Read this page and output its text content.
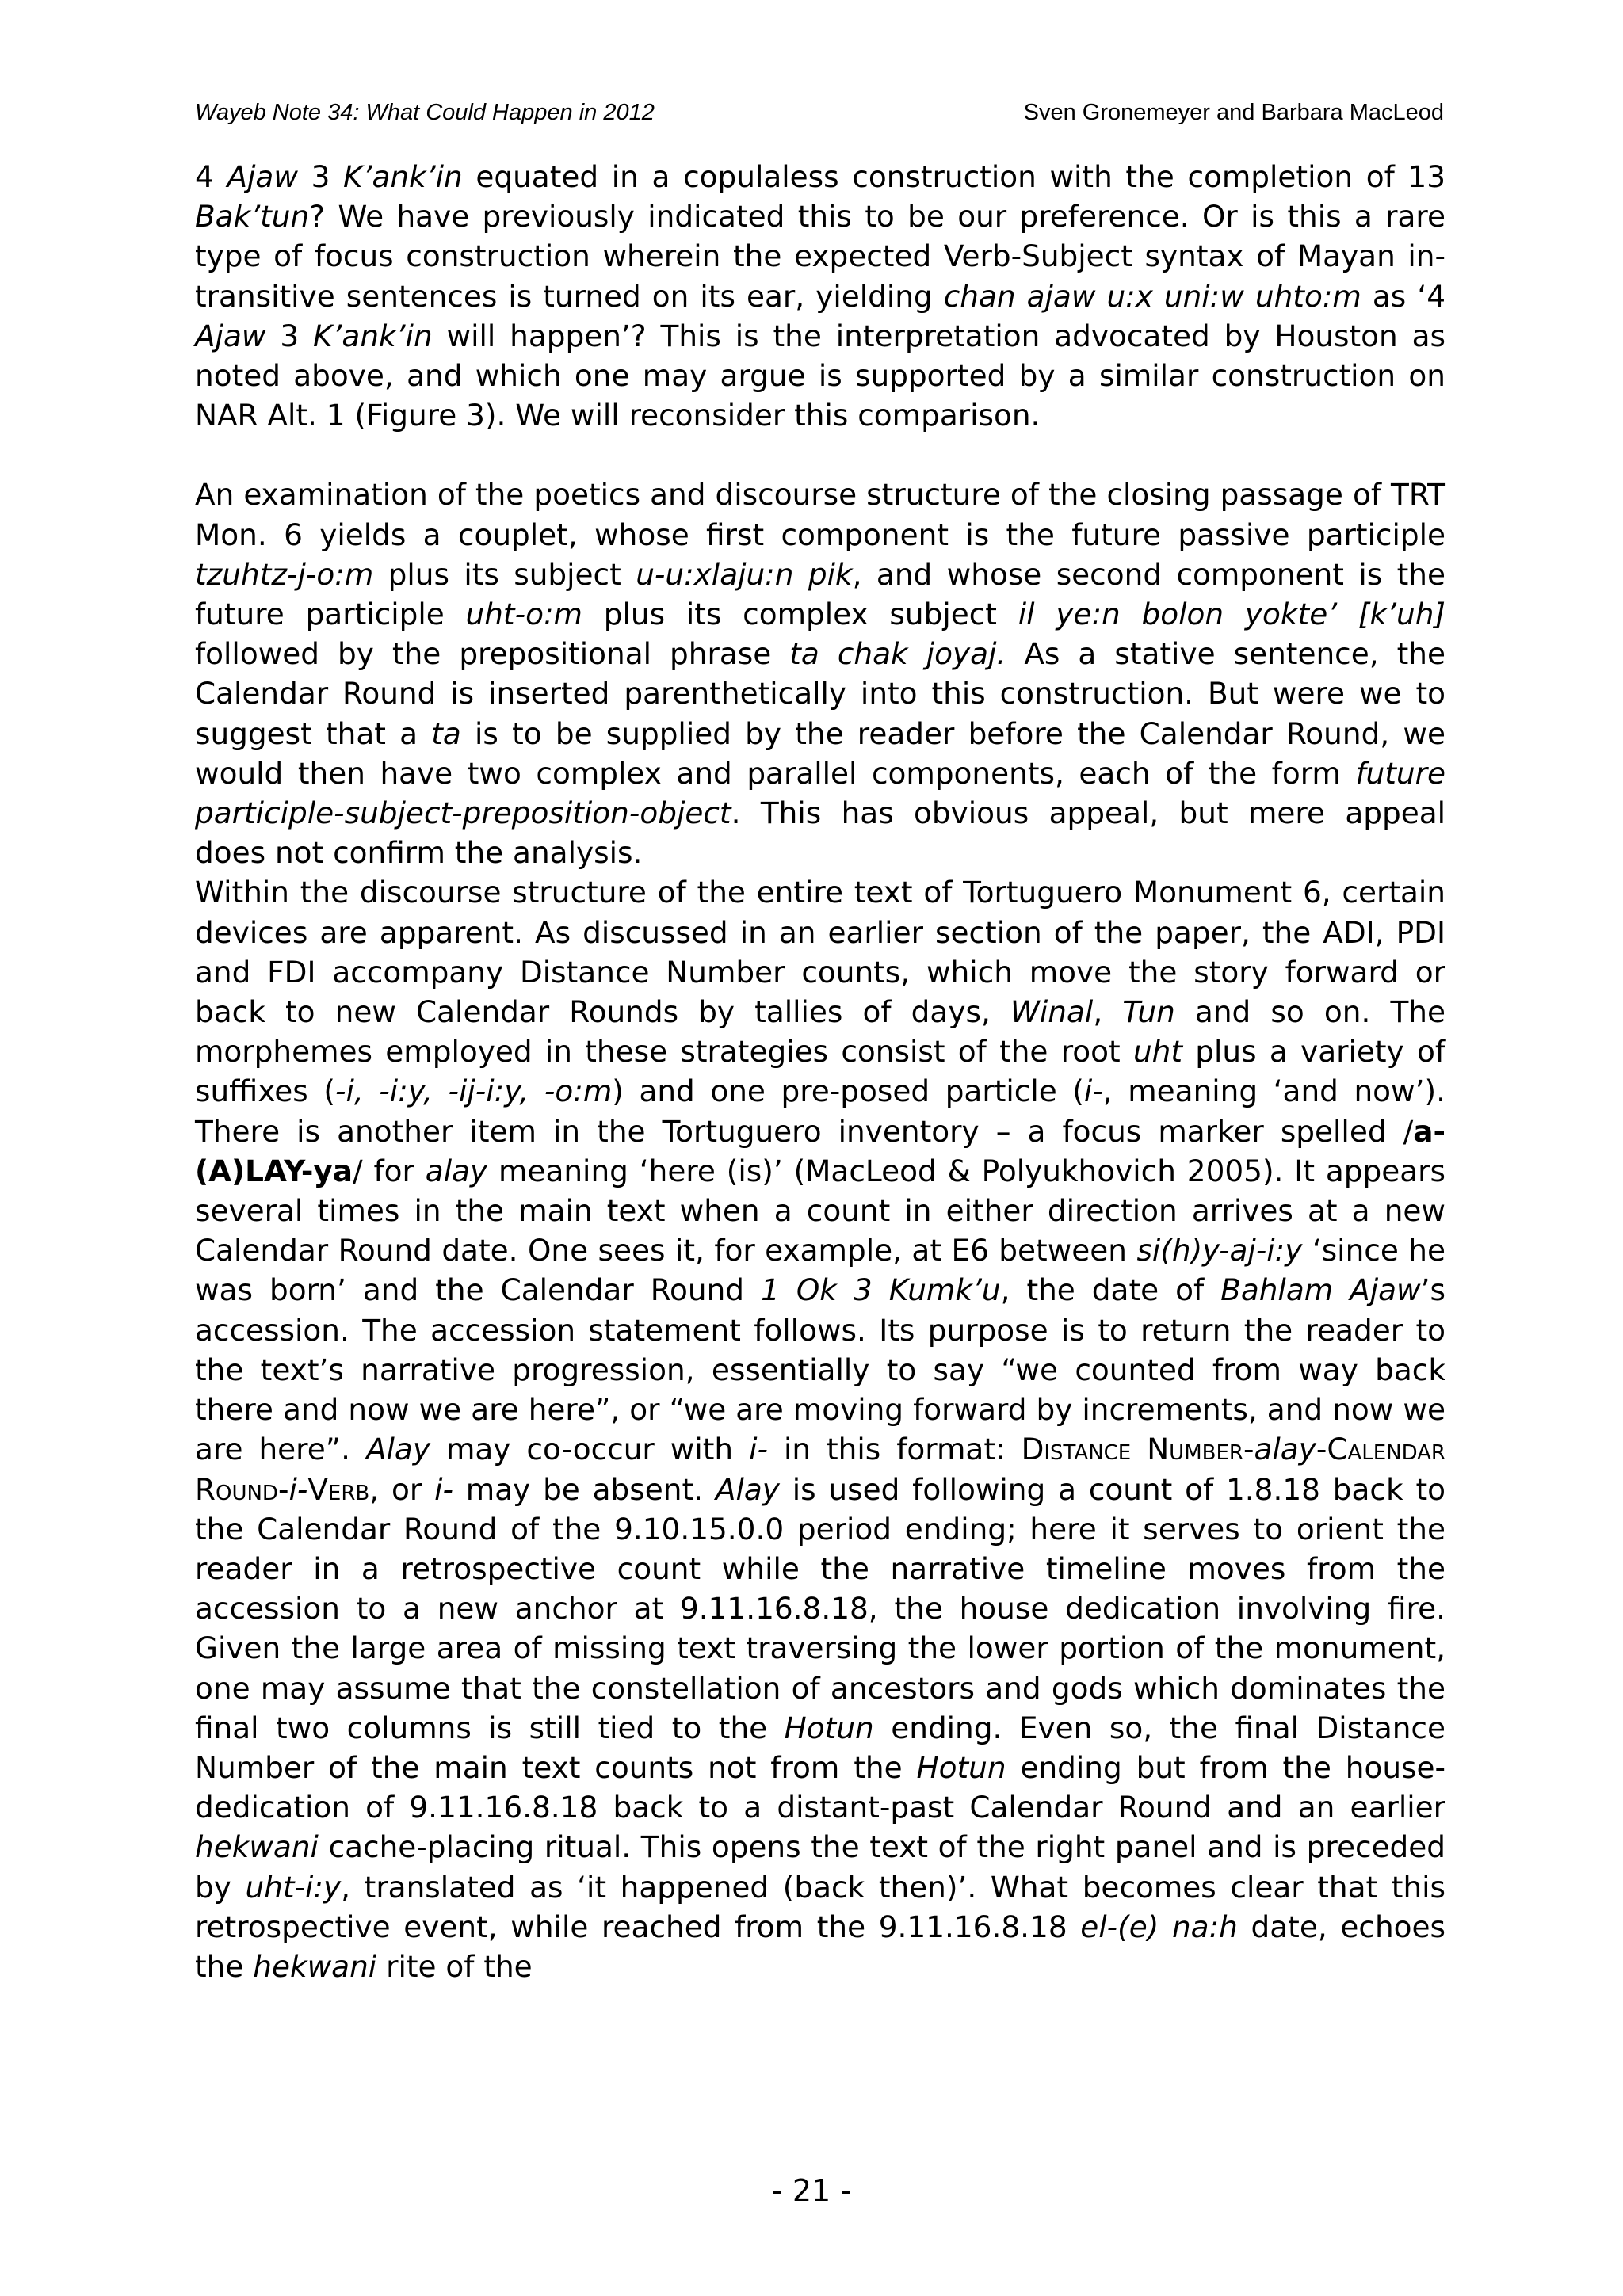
Wayeb Note 34: What Could Happen in 2012	Sven Gronemeyer and Barbara MacLeod

4 Ajaw 3 K’ank’in equated in a copulaless construction with the completion of 13 Bak’tun? We have previously indicated this to be our preference. Or is this a rare type of focus construction wherein the expected Verb-Subject syntax of Mayan intransitive sentences is turned on its ear, yielding chan ajaw u:x uni:w uhto:m as ‘4 Ajaw 3 K’ank’in will happen’? This is the interpretation advocated by Houston as noted above, and which one may argue is supported by a similar construction on NAR Alt. 1 (Figure 3). We will reconsider this comparison.

An examination of the poetics and discourse structure of the closing passage of TRT Mon. 6 yields a couplet, whose first component is the future passive participle tzuhtz-j-o:m plus its subject u-u:xlaju:n pik, and whose second component is the future participle uht-o:m plus its complex subject il ye:n bolon yokte’ [k’uh] followed by the prepositional phrase ta chak joyaj. As a stative sentence, the Calendar Round is inserted parenthetically into this construction. But were we to suggest that a ta is to be supplied by the reader before the Calendar Round, we would then have two complex and parallel components, each of the form future participle-subject-preposition-object. This has obvious appeal, but mere appeal does not confirm the analysis.

Within the discourse structure of the entire text of Tortuguero Monument 6, certain devices are apparent. As discussed in an earlier section of the paper, the ADI, PDI and FDI accompany Distance Number counts, which move the story forward or back to new Calendar Rounds by tallies of days, Winal, Tun and so on. The morphemes employed in these strategies consist of the root uht plus a variety of suffixes (-i, -i:y, -ij-i:y, -o:m) and one pre-posed particle (i-, meaning ‘and now’). There is another item in the Tortuguero inventory – a focus marker spelled /a-(A)LAY-ya/ for alay meaning ‘here (is)’ (MacLeod & Polyukhovich 2005). It appears several times in the main text when a count in either direction arrives at a new Calendar Round date. One sees it, for example, at E6 between si(h)y-aj-i:y ‘since he was born’ and the Calendar Round 1 Ok 3 Kumk’u, the date of Bahlam Ajaw’s accession. The accession statement follows. Its purpose is to return the reader to the text’s narrative progression, essentially to say “we counted from way back there and now we are here”, or “we are moving forward by increments, and now we are here”. Alay may co-occur with i- in this format: Distance Number-alay-Calendar Round-i-Verb, or i- may be absent. Alay is used following a count of 1.8.18 back to the Calendar Round of the 9.10.15.0.0 period ending; here it serves to orient the reader in a retrospective count while the narrative timeline moves from the accession to a new anchor at 9.11.16.8.18, the house dedication involving fire. Given the large area of missing text traversing the lower portion of the monument, one may assume that the constellation of ancestors and gods which dominates the final two columns is still tied to the Hotun ending. Even so, the final Distance Number of the main text counts not from the Hotun ending but from the house-dedication of 9.11.16.8.18 back to a distant-past Calendar Round and an earlier hekwani cache-placing ritual. This opens the text of the right panel and is preceded by uht-i:y, translated as ‘it happened (back then)’. What becomes clear that this retrospective event, while reached from the 9.11.16.8.18 el-(e) na:h date, echoes the hekwani rite of the

- 21 -
